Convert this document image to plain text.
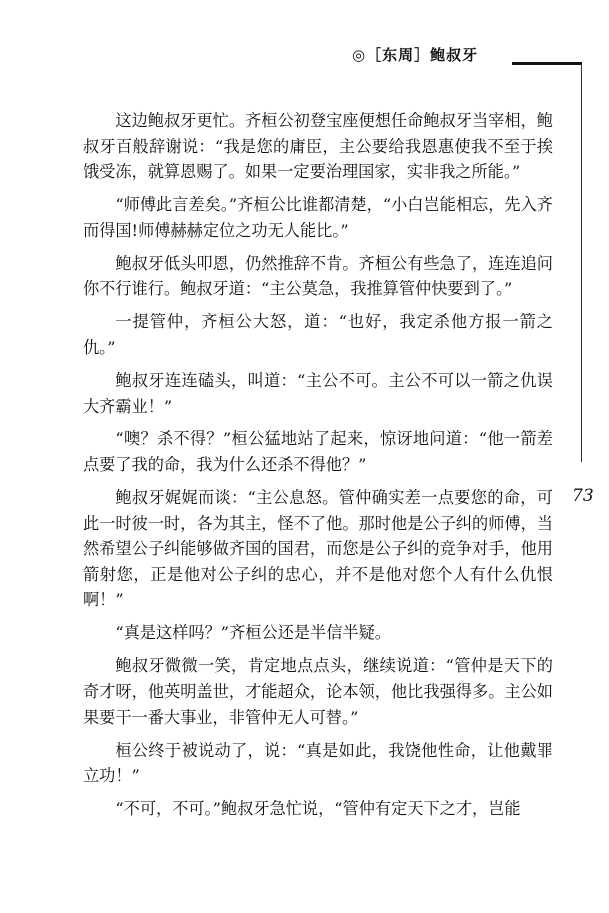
◎［东周］鲍叔牙
73

这边鲍叔牙更忙。齐桓公初登宝座便想任命鲍叔牙当宰相，鲍叔牙百般辞谢说：“我是您的庸臣，主公要给我恩惠使我不至于挨饿受冻，就算恩赐了。如果一定要治理国家，实非我之所能。”

“师傅此言差矣。”齐桓公比谁都清楚，“小白岂能相忘，先入齐而得国!师傅赫赫定位之功无人能比。”

鲍叔牙低头叩恩，仍然推辞不肯。齐桓公有些急了，连连追问你不行谁行。鲍叔牙道：“主公莫急，我推算管仲快要到了。”

一提管仲，齐桓公大怒，道：“也好，我定杀他方报一箭之仇。”

鲍叔牙连连磕头，叫道：“主公不可。主公不可以一箭之仇误大齐霸业！”

“噢？杀不得？”桓公猛地站了起来，惊讶地问道：“他一箭差点要了我的命，我为什么还杀不得他？”

鲍叔牙娓娓而谈：“主公息怒。管仲确实差一点要您的命，可此一时彼一时，各为其主，怪不了他。那时他是公子纠的师傅，当然希望公子纠能够做齐国的国君，而您是公子纠的竞争对手，他用箭射您，正是他对公子纠的忠心，并不是他对您个人有什么仇恨啊！”

“真是这样吗？”齐桓公还是半信半疑。

鲍叔牙微微一笑，肯定地点点头，继续说道：“管仲是天下的奇才呀，他英明盖世，才能超众，论本领，他比我强得多。主公如果要干一番大事业，非管仲无人可替。”

桓公终于被说动了，说：“真是如此，我饶他性命，让他戴罪立功！”

“不可，不可。”鲍叔牙急忙说，“管仲有定天下之才，岂能
